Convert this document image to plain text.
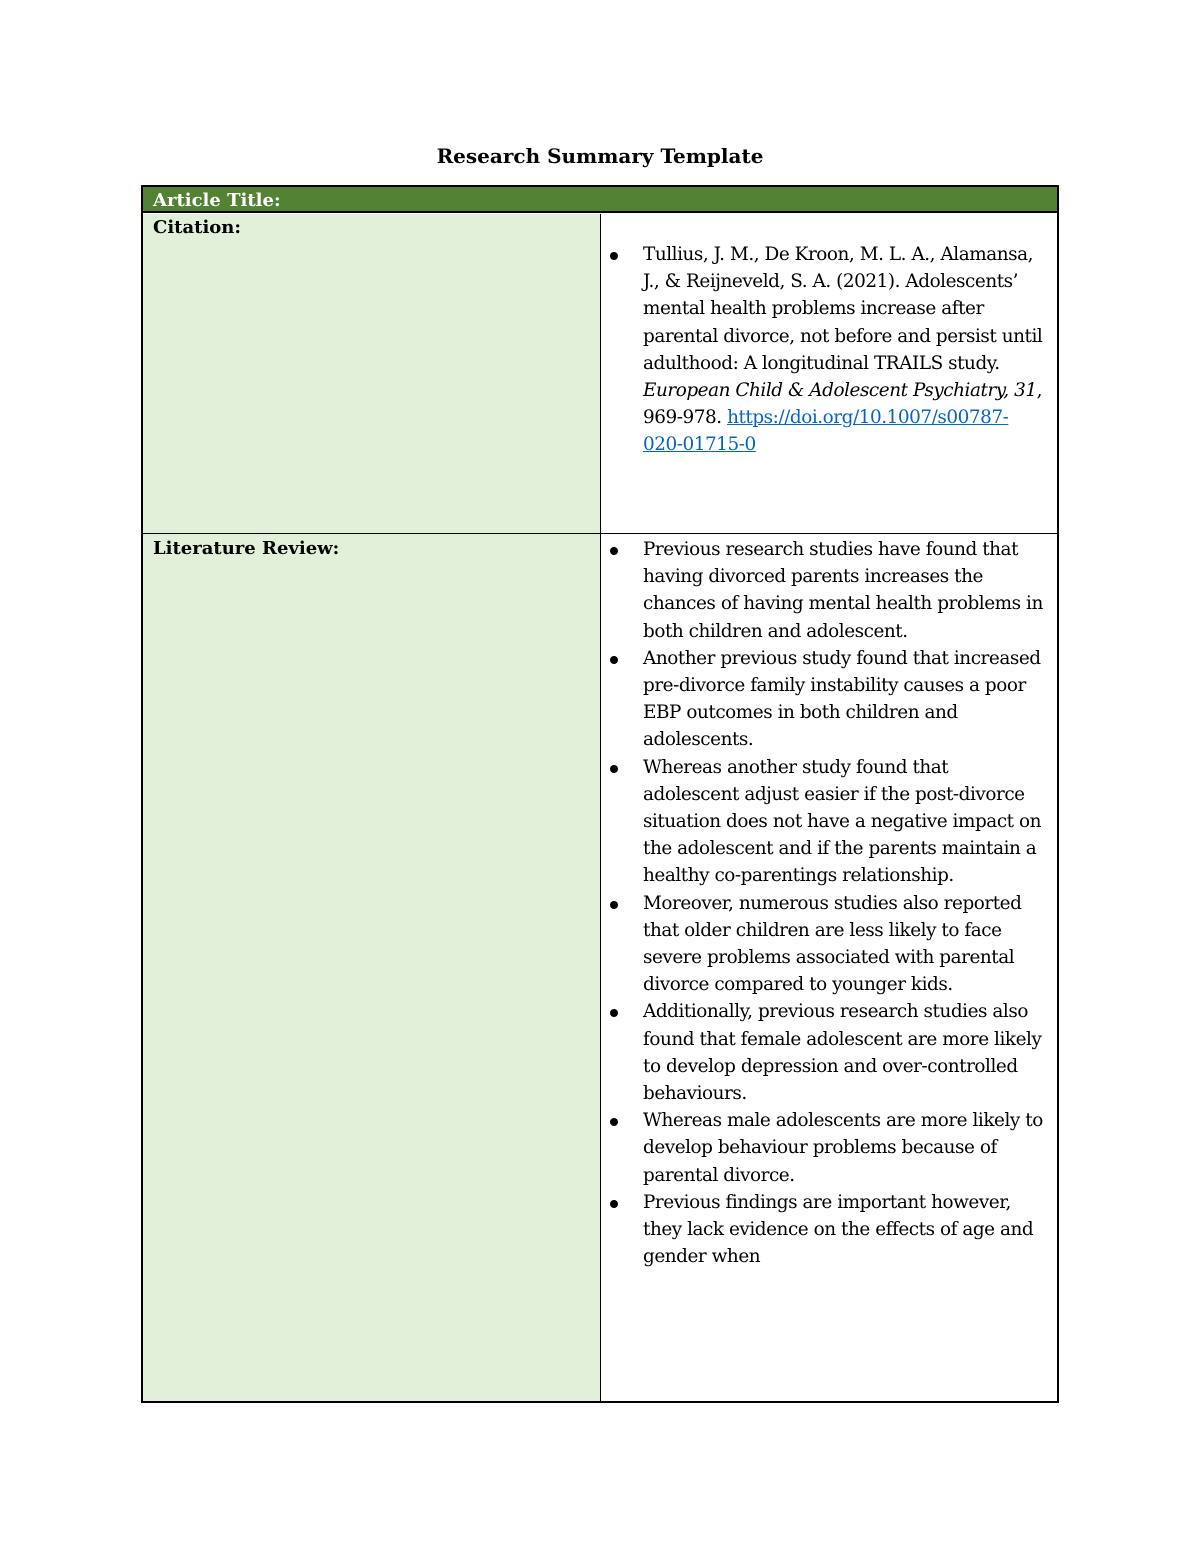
Research Summary Template
Article Title:
Citation:
Tullius, J. M., De Kroon, M. L. A., Alamansa, J., & Reijneveld, S. A. (2021). Adolescents’ mental health problems increase after parental divorce, not before and persist until adulthood: A longitudinal TRAILS study. European Child & Adolescent Psychiatry, 31, 969-978. https://doi.org/10.1007/s00787-020-01715-0
Literature Review:	Previous research studies have found that having divorced parents increases the chances of having mental health problems in both children and adolescent.
Another previous study found that increased pre-divorce family instability causes a poor EBP outcomes in both children and adolescents.
Whereas another study found that adolescent adjust easier if the post-divorce situation does not have a negative impact on the adolescent and if the parents maintain a healthy co-parentings relationship.
Moreover, numerous studies also reported that older children are less likely to face severe problems associated with parental divorce compared to younger kids.
Additionally, previous research studies also found that female adolescent are more likely to develop depression and over-controlled behaviours.
Whereas male adolescents are more likely to develop behaviour problems because of parental divorce.
Previous findings are important however, they lack evidence on the effects of age and gender when
